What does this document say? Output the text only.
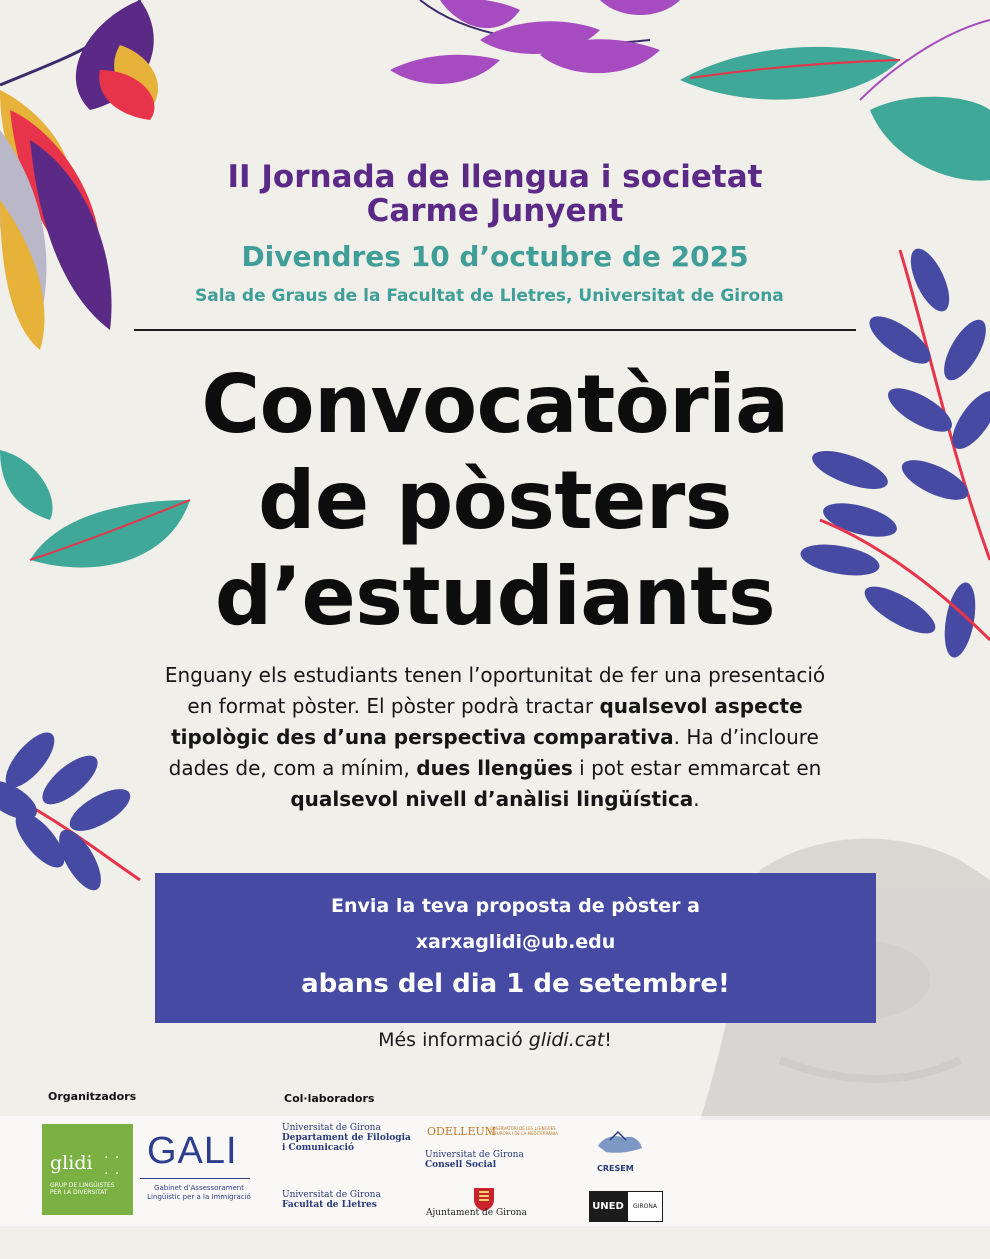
II Jornada de llengua i societat
Carme Junyent
Divendres 10 d’octubre de 2025
Sala de Graus de la Facultat de Lletres, Universitat de Girona
Convocatòria
de pòsters
d’estudiants
Enguany els estudiants tenen l’oportunitat de fer una presentació en format pòster. El pòster podrà tractar qualsevol aspecte tipològic des d’una perspectiva comparativa. Ha d’incloure dades de, com a mínim, dues llengües i pot estar emmarcat en qualsevol nivell d’anàlisi lingüística.
Envia la teva proposta de pòster a
xarxaglidi@ub.edu
abans del dia 1 de setembre!
Més informació glidi.cat!
Organitzadors	Col·laboradors
glidi · ·
· ·
GRUP DE LINGÜISTES PER LA DIVERSITAT
GALI
Gabinet d’Assessorament Lingüístic per a la Immigració
Universitat de Girona
Departament de Filologia i Comunicació
Universitat de Girona
Facultat de Lletres
ODELLEUM
OBSERVATORI DE LES LLENGÜES D’EUROPA I DE LA MEDITERRÀNIA
Universitat de Girona
Consell Social
Ajuntament de Girona
CRESEM
UNED	GIRONA
